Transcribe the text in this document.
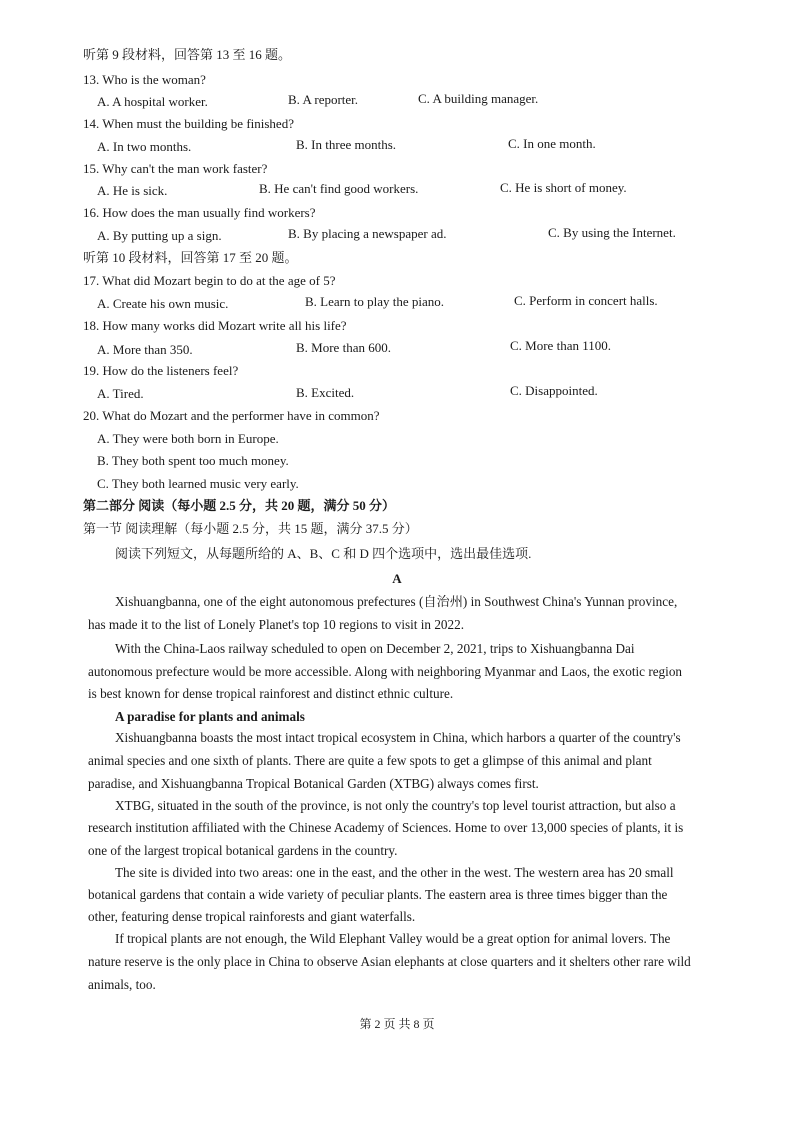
听第 9 段材料，回答第 13 至 16 题。
13. Who is the woman?
A. A hospital worker.	B. A reporter.	C. A building manager.
14. When must the building be finished?
A. In two months.	B. In three months.	C. In one month.
15. Why can't the man work faster?
A. He is sick.	B. He can't find good workers.	C. He is short of money.
16. How does the man usually find workers?
A. By putting up a sign.	B. By placing a newspaper ad.	C. By using the Internet.
听第 10 段材料，回答第 17 至 20 题。
17. What did Mozart begin to do at the age of 5?
A. Create his own music.	B. Learn to play the piano.	C. Perform in concert halls.
18. How many works did Mozart write all his life?
A. More than 350.	B. More than 600.	C. More than 1100.
19. How do the listeners feel?
A. Tired.	B. Excited.	C. Disappointed.
20. What do Mozart and the performer have in common?
A. They were both born in Europe.
B. They both spent too much money.
C. They both learned music very early.
第二部分 阅读（每小题 2.5 分，共 20 题，满分 50 分）
第一节 阅读理解（每小题 2.5 分，共 15 题，满分 37.5 分）
阅读下列短文，从每题所给的 A、B、C 和 D 四个选项中，选出最佳选项.
A
Xishuangbanna, one of the eight autonomous prefectures (自治州) in Southwest China's Yunnan province,
has made it to the list of Lonely Planet's top 10 regions to visit in 2022.
With the China-Laos railway scheduled to open on December 2, 2021, trips to Xishuangbanna Dai
autonomous prefecture would be more accessible. Along with neighboring Myanmar and Laos, the exotic region
is best known for dense tropical rainforest and distinct ethnic culture.
A paradise for plants and animals
Xishuangbanna boasts the most intact tropical ecosystem in China, which harbors a quarter of the country's
animal species and one sixth of plants. There are quite a few spots to get a glimpse of this animal and plant
paradise, and Xishuangbanna Tropical Botanical Garden (XTBG) always comes first.
XTBG, situated in the south of the province, is not only the country's top level tourist attraction, but also a
research institution affiliated with the Chinese Academy of Sciences. Home to over 13,000 species of plants, it is
one of the largest tropical botanical gardens in the country.
The site is divided into two areas: one in the east, and the other in the west. The western area has 20 small
botanical gardens that contain a wide variety of peculiar plants. The eastern area is three times bigger than the
other, featuring dense tropical rainforests and giant waterfalls.
If tropical plants are not enough, the Wild Elephant Valley would be a great option for animal lovers. The
nature reserve is the only place in China to observe Asian elephants at close quarters and it shelters other rare wild
animals, too.
第 2 页 共 8 页
